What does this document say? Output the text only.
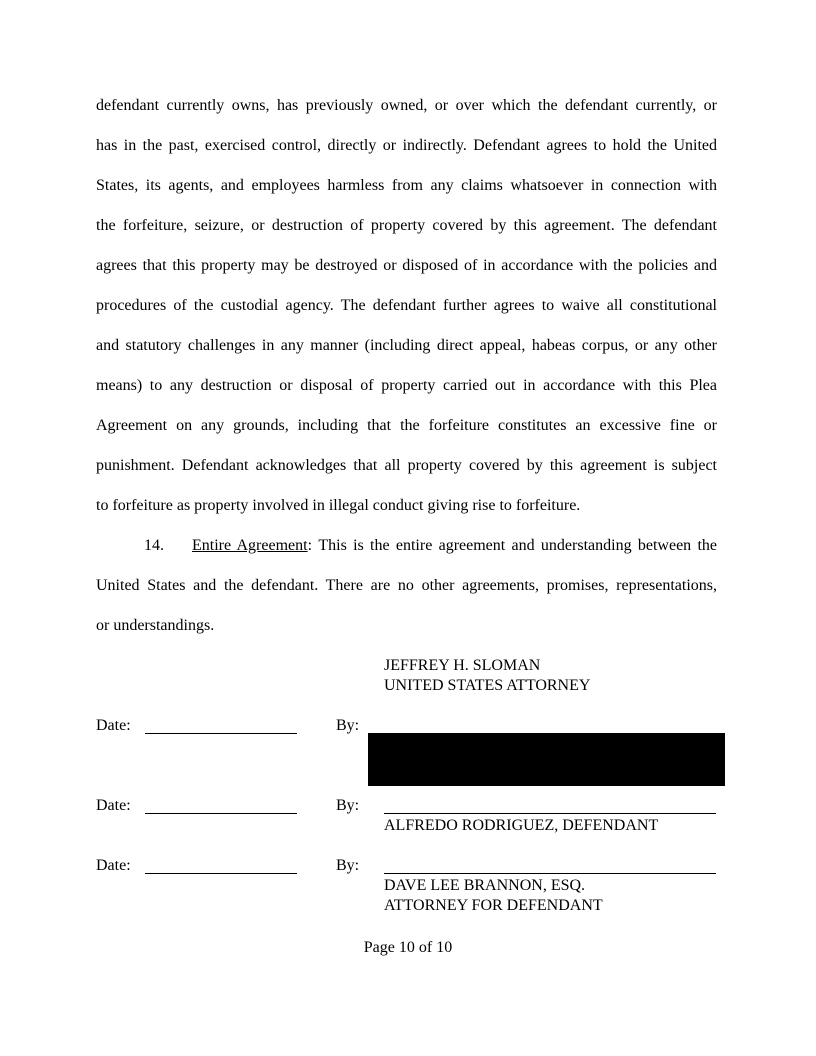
defendant currently owns, has previously owned, or over which the defendant currently, or
has in the past, exercised control, directly or indirectly. Defendant agrees to hold the United
States, its agents, and employees harmless from any claims whatsoever in connection with
the forfeiture, seizure, or destruction of property covered by this agreement. The defendant
agrees that this property may be destroyed or disposed of in accordance with the policies and
procedures of the custodial agency. The defendant further agrees to waive all constitutional
and statutory challenges in any manner (including direct appeal, habeas corpus, or any other
means) to any destruction or disposal of property carried out in accordance with this Plea
Agreement on any grounds, including that the forfeiture constitutes an excessive fine or
punishment. Defendant acknowledges that all property covered by this agreement is subject
to forfeiture as property involved in illegal conduct giving rise to forfeiture.
14. Entire Agreement: This is the entire agreement and understanding between the
United States and the defendant. There are no other agreements, promises, representations,
or understandings.
JEFFREY H. SLOMAN
UNITED STATES ATTORNEY
Date:	By:
Date:	By:
ALFREDO RODRIGUEZ, DEFENDANT
Date:	By:
DAVE LEE BRANNON, ESQ.
ATTORNEY FOR DEFENDANT
Page 10 of 10
